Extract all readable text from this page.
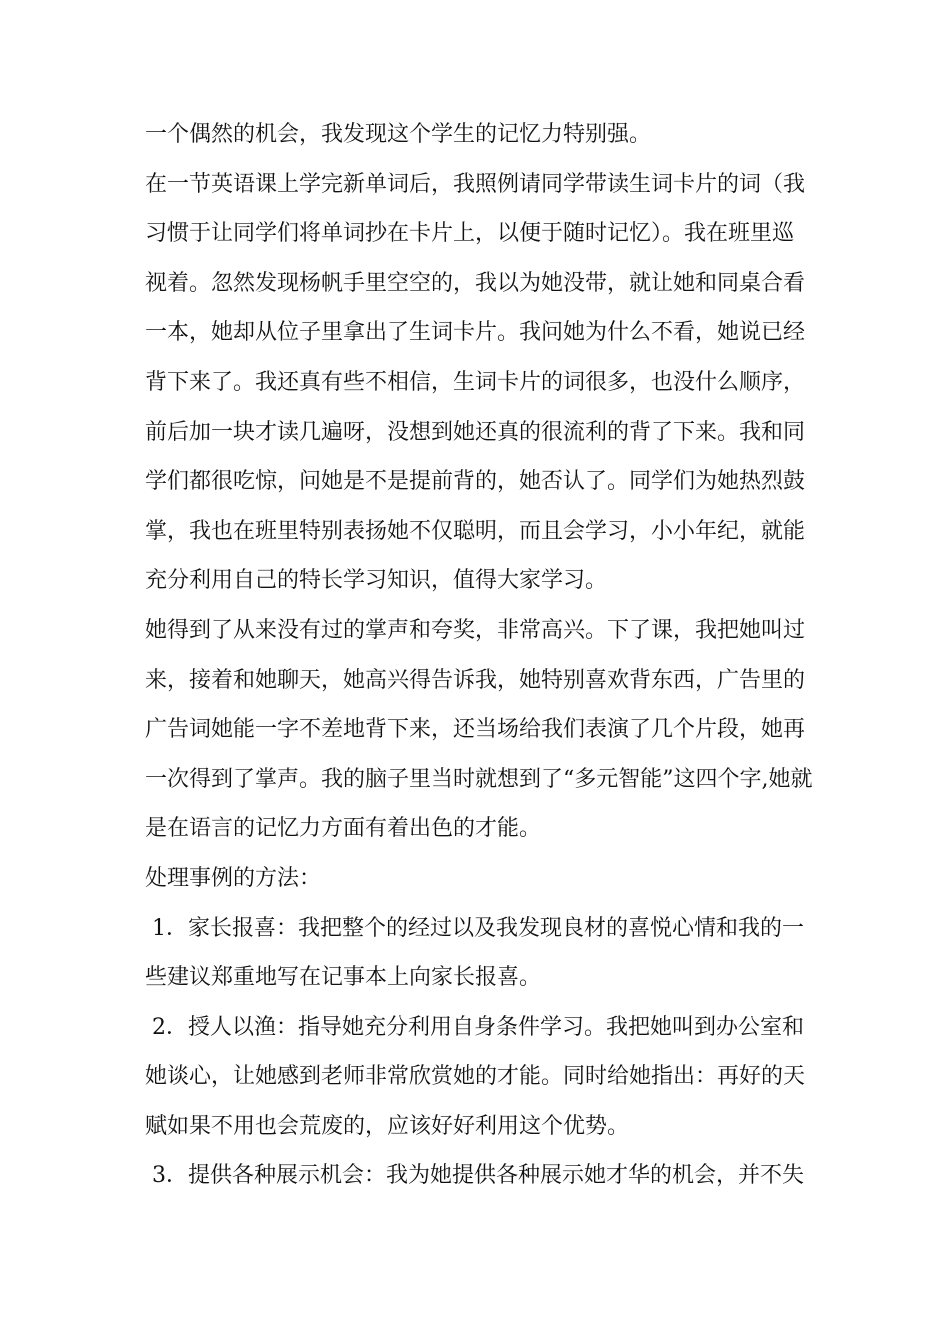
一个偶然的机会，我发现这个学生的记忆力特别强。
在一节英语课上学完新单词后，我照例请同学带读生词卡片的词（我
习惯于让同学们将单词抄在卡片上，以便于随时记忆）。我在班里巡
视着。忽然发现杨帆手里空空的，我以为她没带，就让她和同桌合看
一本，她却从位子里拿出了生词卡片。我问她为什么不看，她说已经
背下来了。我还真有些不相信，生词卡片的词很多，也没什么顺序，
前后加一块才读几遍呀，没想到她还真的很流利的背了下来。我和同
学们都很吃惊，问她是不是提前背的，她否认了。同学们为她热烈鼓
掌，我也在班里特别表扬她不仅聪明，而且会学习，小小年纪，就能
充分利用自己的特长学习知识，值得大家学习。
她得到了从来没有过的掌声和夸奖，非常高兴。下了课，我把她叫过
来，接着和她聊天，她高兴得告诉我，她特别喜欢背东西，广告里的
广告词她能一字不差地背下来，还当场给我们表演了几个片段，她再
一次得到了掌声。我的脑子里当时就想到了“多元智能”这四个字,她就
是在语言的记忆力方面有着出色的才能。
处理事例的方法：
1．家长报喜：我把整个的经过以及我发现良材的喜悦心情和我的一
些建议郑重地写在记事本上向家长报喜。
2．授人以渔：指导她充分利用自身条件学习。我把她叫到办公室和
她谈心，让她感到老师非常欣赏她的才能。同时给她指出：再好的天
赋如果不用也会荒废的，应该好好利用这个优势。
3．提供各种展示机会：我为她提供各种展示她才华的机会，并不失
